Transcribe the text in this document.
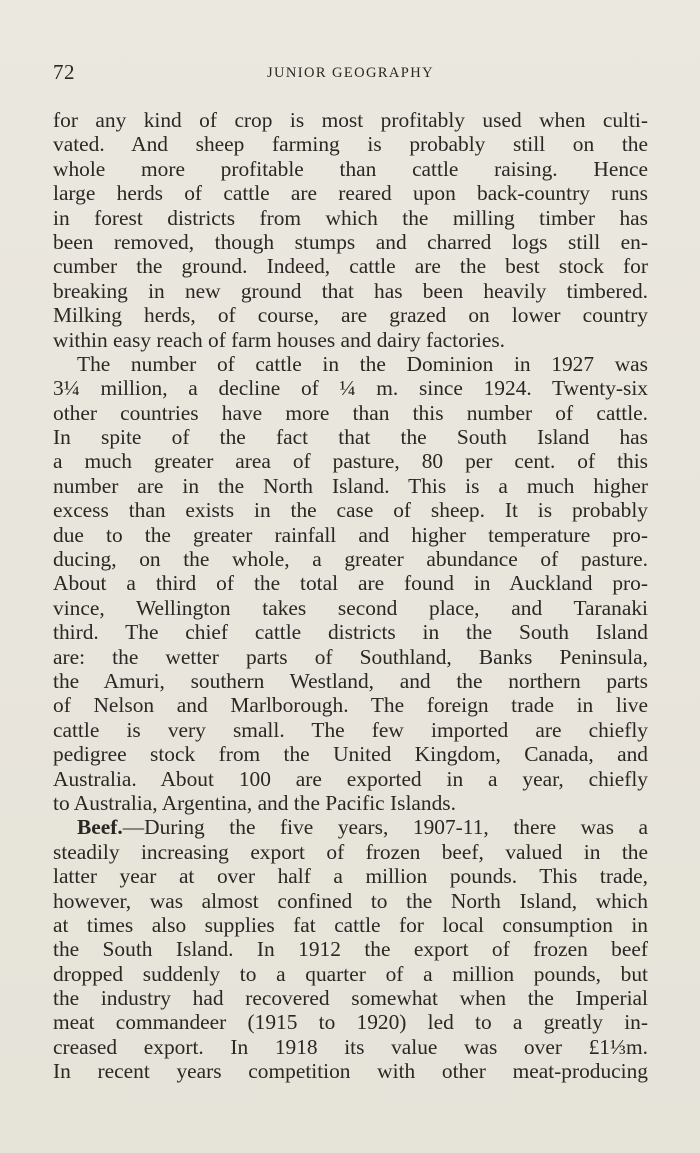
72	JUNIOR GEOGRAPHY
for any kind of crop is most profitably used when culti-
vated. And sheep farming is probably still on the
whole more profitable than cattle raising. Hence
large herds of cattle are reared upon back-country runs
in forest districts from which the milling timber has
been removed, though stumps and charred logs still en-
cumber the ground. Indeed, cattle are the best stock for
breaking in new ground that has been heavily timbered.
Milking herds, of course, are grazed on lower country
within easy reach of farm houses and dairy factories.
The number of cattle in the Dominion in 1927 was
3¼ million, a decline of ¼ m. since 1924. Twenty-six
other countries have more than this number of cattle.
In spite of the fact that the South Island has
a much greater area of pasture, 80 per cent. of this
number are in the North Island. This is a much higher
excess than exists in the case of sheep. It is probably
due to the greater rainfall and higher temperature pro-
ducing, on the whole, a greater abundance of pasture.
About a third of the total are found in Auckland pro-
vince, Wellington takes second place, and Taranaki
third. The chief cattle districts in the South Island
are: the wetter parts of Southland, Banks Peninsula,
the Amuri, southern Westland, and the northern parts
of Nelson and Marlborough. The foreign trade in live
cattle is very small. The few imported are chiefly
pedigree stock from the United Kingdom, Canada, and
Australia. About 100 are exported in a year, chiefly
to Australia, Argentina, and the Pacific Islands.
Beef.—During the five years, 1907-11, there was a
steadily increasing export of frozen beef, valued in the
latter year at over half a million pounds. This trade,
however, was almost confined to the North Island, which
at times also supplies fat cattle for local consumption in
the South Island. In 1912 the export of frozen beef
dropped suddenly to a quarter of a million pounds, but
the industry had recovered somewhat when the Imperial
meat commandeer (1915 to 1920) led to a greatly in-
creased export. In 1918 its value was over £1⅓m.
In recent years competition with other meat-producing
